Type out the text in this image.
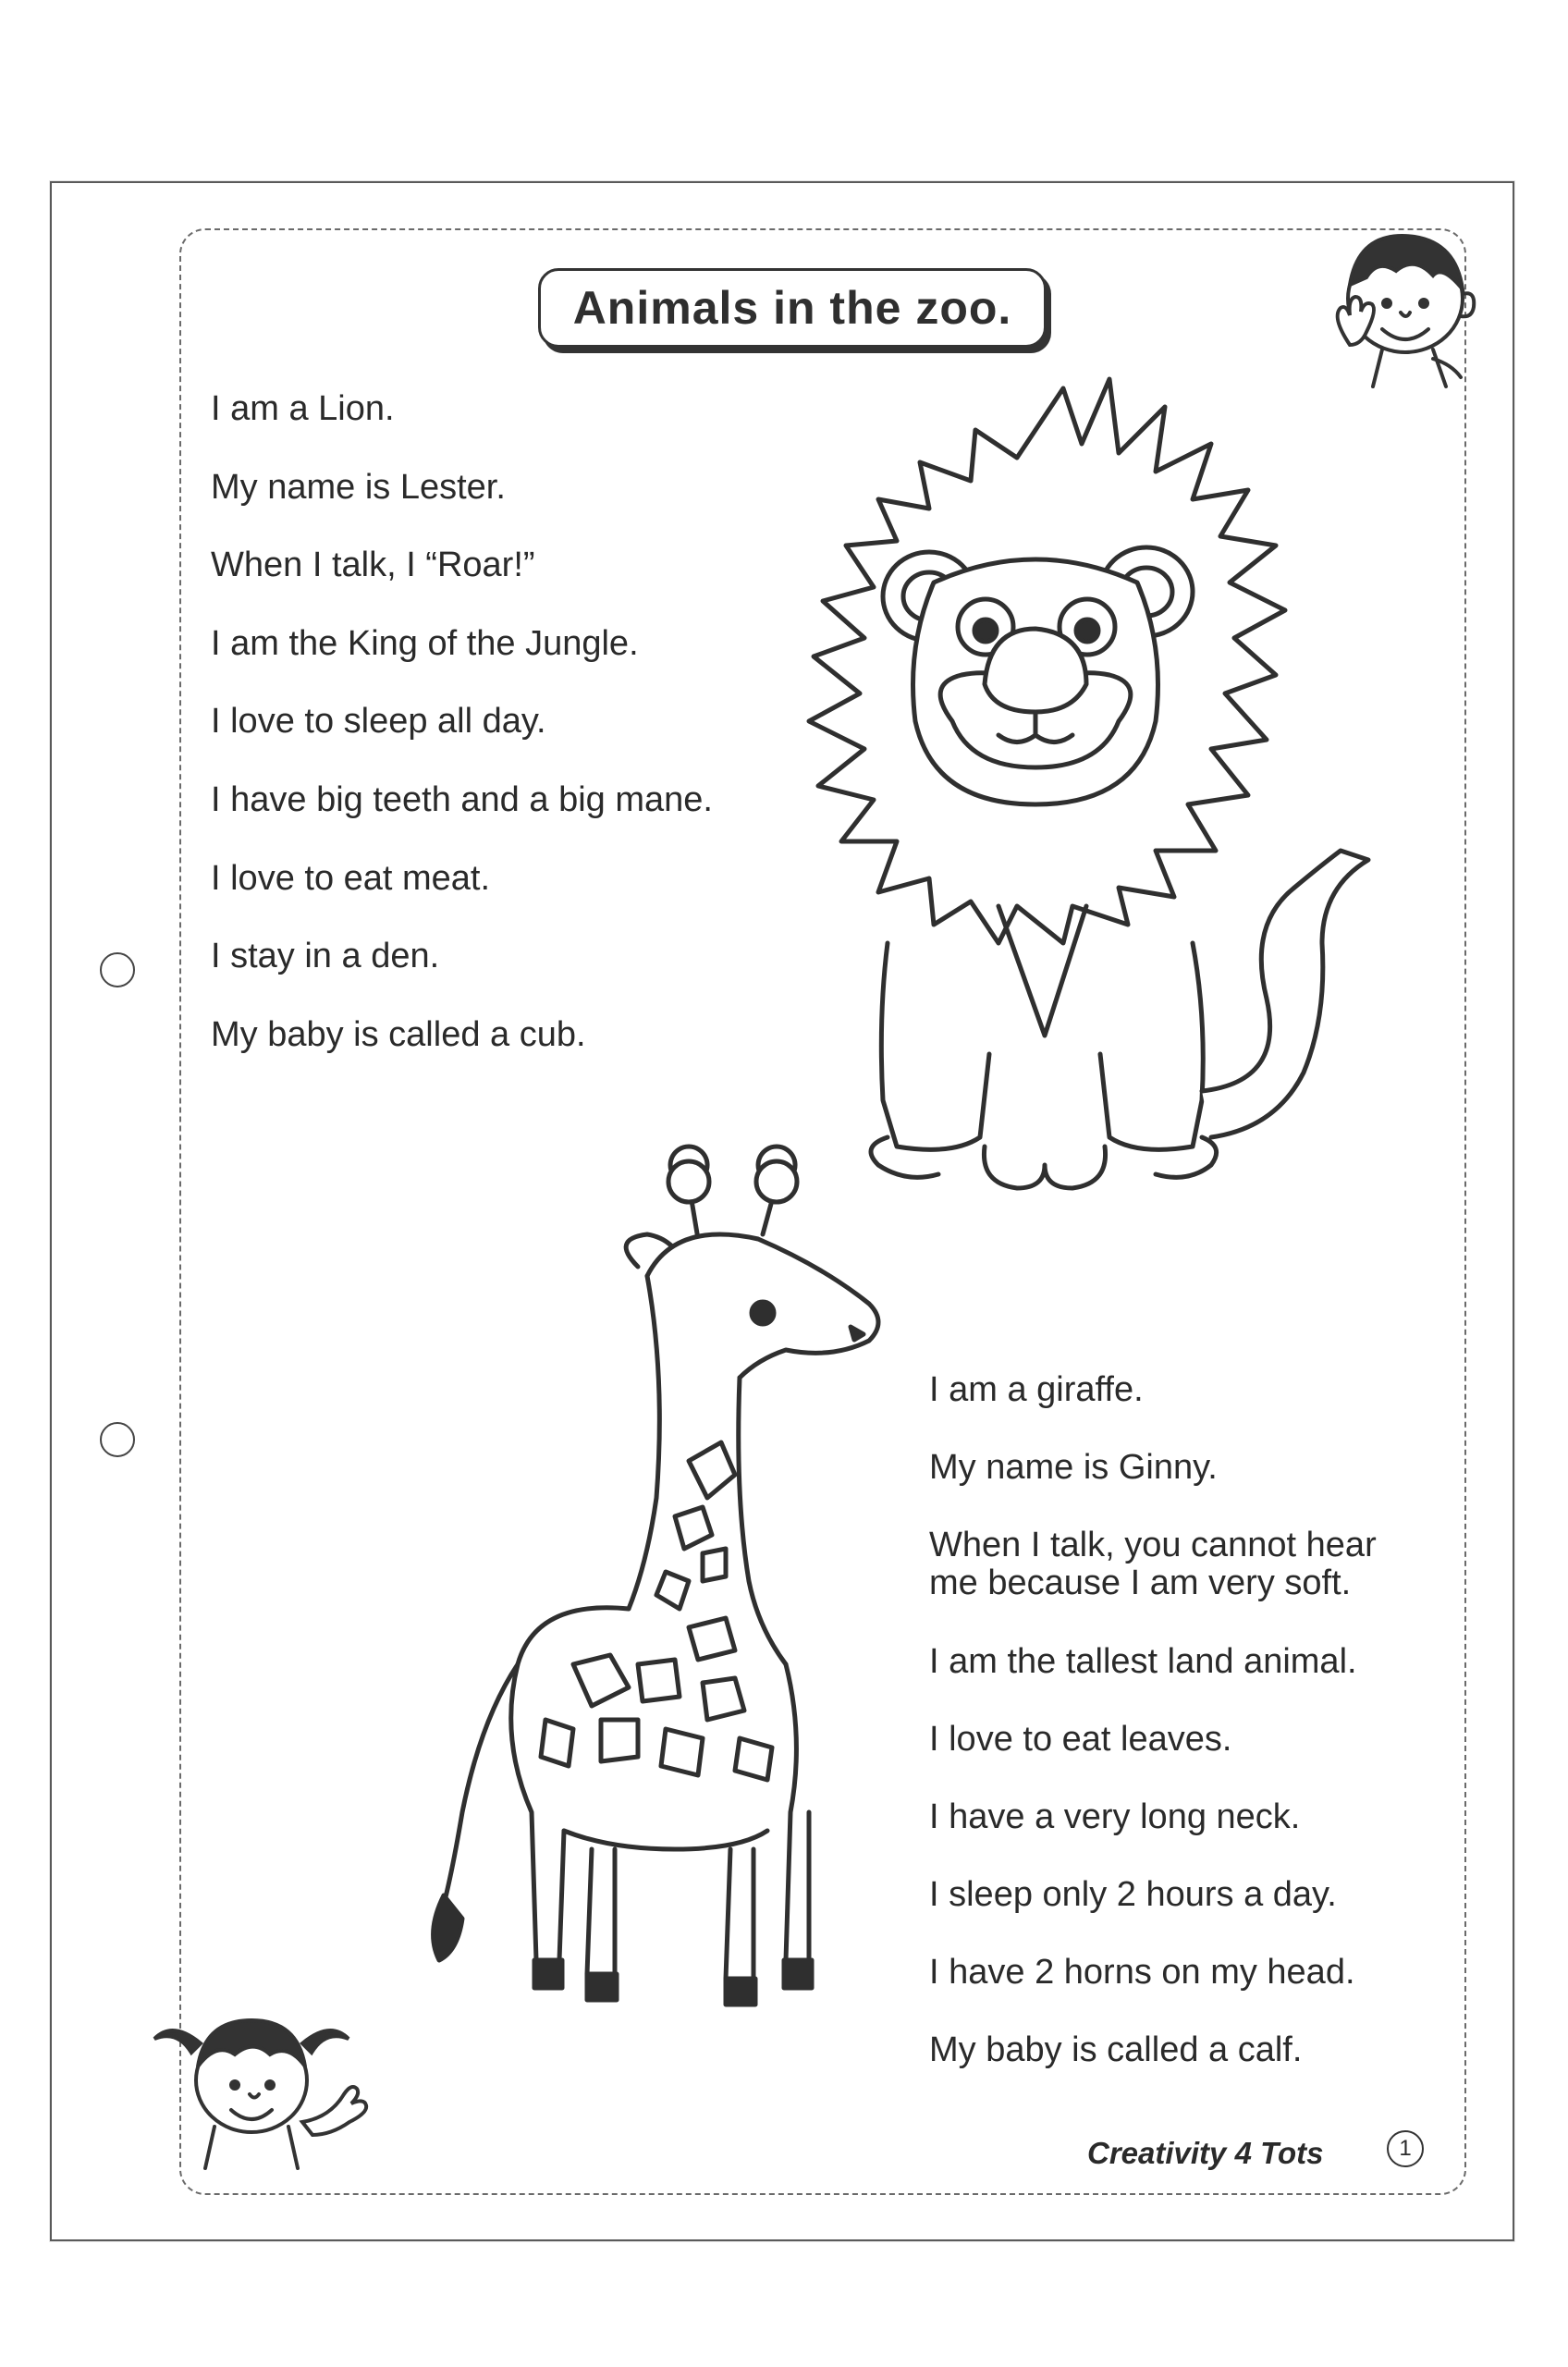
Animals in the zoo.
I am a Lion.
My name is Lester.
When I talk, I “Roar!”
I am the King of the Jungle.
I love to sleep all day.
I have big teeth and a big mane.
I love to eat meat.
I stay in a den.
My baby is called a cub.
I am a giraffe.
My name is Ginny.
When I talk, you cannot hear
me because I am very soft.
I am the tallest land animal.
I love to eat leaves.
I have a very long neck.
I sleep only 2 hours a day.
I have 2 horns on my head.
My baby is called a calf.
Creativity 4 Tots	1
